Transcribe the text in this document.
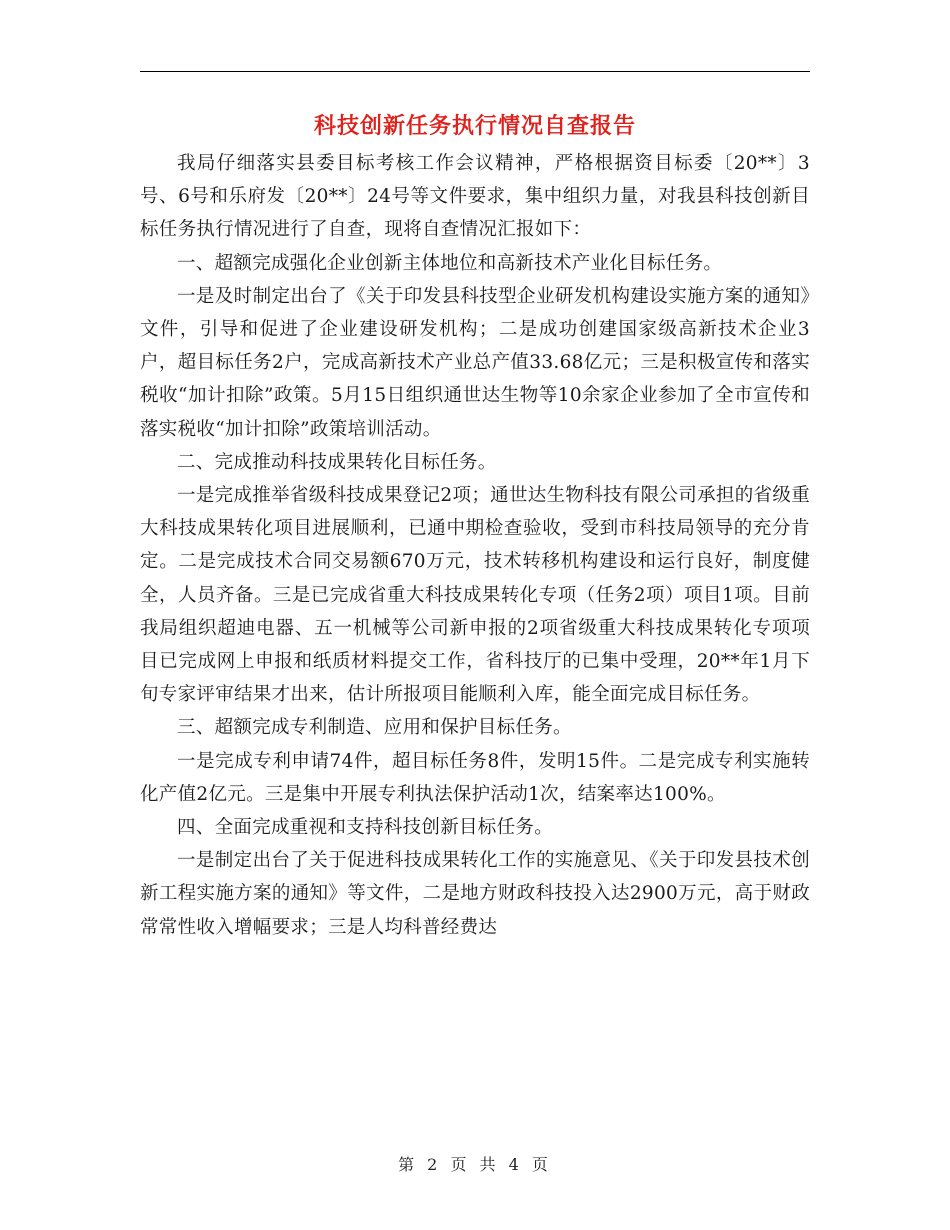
科技创新任务执行情况自查报告

我局仔细落实县委目标考核工作会议精神，严格根据资目标委〔20**〕3号、6号和乐府发〔20**〕24号等文件要求，集中组织力量，对我县科技创新目标任务执行情况进行了自查，现将自查情况汇报如下：

一、超额完成强化企业创新主体地位和高新技术产业化目标任务。

一是及时制定出台了《关于印发县科技型企业研发机构建设实施方案的通知》文件，引导和促进了企业建设研发机构；二是成功创建国家级高新技术企业3户，超目标任务2户，完成高新技术产业总产值33.68亿元；三是积极宣传和落实税收“加计扣除”政策。5月15日组织通世达生物等10余家企业参加了全市宣传和落实税收“加计扣除”政策培训活动。

二、完成推动科技成果转化目标任务。

一是完成推举省级科技成果登记2项；通世达生物科技有限公司承担的省级重大科技成果转化项目进展顺利，已通中期检查验收，受到市科技局领导的充分肯定。二是完成技术合同交易额670万元，技术转移机构建设和运行良好，制度健全，人员齐备。三是已完成省重大科技成果转化专项（任务2项）项目1项。目前我局组织超迪电器、五一机械等公司新申报的2项省级重大科技成果转化专项项目已完成网上申报和纸质材料提交工作，省科技厅的已集中受理，20**年1月下旬专家评审结果才出来，估计所报项目能顺利入库，能全面完成目标任务。

三、超额完成专利制造、应用和保护目标任务。

一是完成专利申请74件，超目标任务8件，发明15件。二是完成专利实施转化产值2亿元。三是集中开展专利执法保护活动1次，结案率达100%。

四、全面完成重视和支持科技创新目标任务。

一是制定出台了关于促进科技成果转化工作的实施意见、《关于印发县技术创新工程实施方案的通知》等文件，二是地方财政科技投入达2900万元，高于财政常常性收入增幅要求；三是人均科普经费达

第 2 页 共 4 页
